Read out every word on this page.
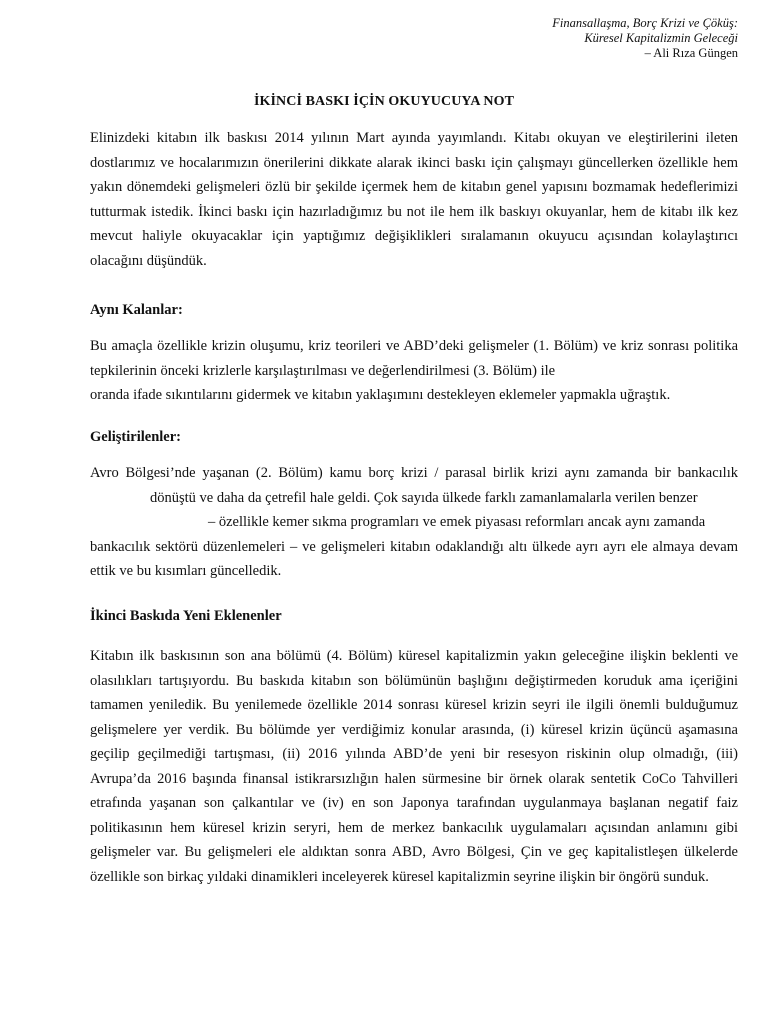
Finansallaşma, Borç Krizi ve Çöküş:
Küresel Kapitalizmin Geleceği
– Ali Rıza Güngen
İKİNCİ BASKI İÇİN OKUYUCUYA NOT
Elinizdeki kitabın ilk baskısı 2014 yılının Mart ayında yayımlandı. Kitabı okuyan ve eleştirilerini ileten
dostlarımız ve hocalarımızın önerilerini dikkate alarak ikinci baskı için çalışmayı güncellerken özellikle hem
yakın dönemdeki gelişmeleri özlü bir şekilde içermek hem de kitabın genel yapısını bozmamak hedeflerimizi
tutturmak istedik. İkinci baskı için hazırladığımız bu not ile hem ilk baskıyı okuyanlar, hem de kitabı ilk kez
mevcut haliyle okuyacaklar için yaptığımız değişiklikleri sıralamanın okuyucu açısından kolaylaştırıcı
olacağını düşündük.
Aynı Kalanlar:
Bu amaçla özellikle krizin oluşumu, kriz teorileri ve ABD’deki gelişmeler (1. Bölüm) ve kriz sonrası politika
tepkilerinin önceki krizlerle karşılaştırılması ve değerlendirilmesi (3. Bölüm) ile
oranda ifade sıkıntılarını gidermek ve kitabın yaklaşımını destekleyen eklemeler yapmakla uğraştık.
Geliştirilenler:
Avro Bölgesi’nde yaşanan (2. Bölüm) kamu borç krizi / parasal birlik krizi aynı zamanda bir bankacılık
dönüştü ve daha da çetrefil hale geldi. Çok sayıda ülkede farklı zamanlamalarla verilen benzer
– özellikle kemer sıkma programları ve emek piyasası reformları ancak aynı zamanda
bankacılık sektörü düzenlemeleri – ve gelişmeleri kitabın odaklandığı altı ülkede ayrı ayrı ele almaya devam
ettik ve bu kısımları güncelledik.
İkinci Baskıda Yeni Eklenenler
Kitabın ilk baskısının son ana bölümü (4. Bölüm) küresel kapitalizmin yakın geleceğine ilişkin beklenti ve
olasılıkları tartışıyordu. Bu baskıda kitabın son bölümünün başlığını değiştirmeden koruduk ama içeriğini
tamamen yeniledik. Bu yenilemede özellikle 2014 sonrası küresel krizin seyri ile ilgili önemli bulduğumuz
gelişmelere yer verdik. Bu bölümde yer verdiğimiz konular arasında, (i) küresel krizin üçüncü aşamasına
geçilip geçilmediği tartışması, (ii) 2016 yılında ABD’de yeni bir resesyon riskinin olup olmadığı, (iii)
Avrupa’da 2016 başında finansal istikrarsızlığın halen sürmesine bir örnek olarak sentetik CoCo Tahvilleri
etrafında yaşanan son çalkantılar ve (iv) en son Japonya tarafından uygulanmaya başlanan negatif faiz
politikasının hem küresel krizin seryri, hem de merkez bankacılık uygulamaları açısından anlamını gibi
gelişmeler var. Bu gelişmeleri ele aldıktan sonra ABD, Avro Bölgesi, Çin ve geç kapitalistleşen ülkelerde
özellikle son birkaç yıldaki dinamikleri inceleyerek küresel kapitalizmin seyrine ilişkin bir öngörü sunduk.
